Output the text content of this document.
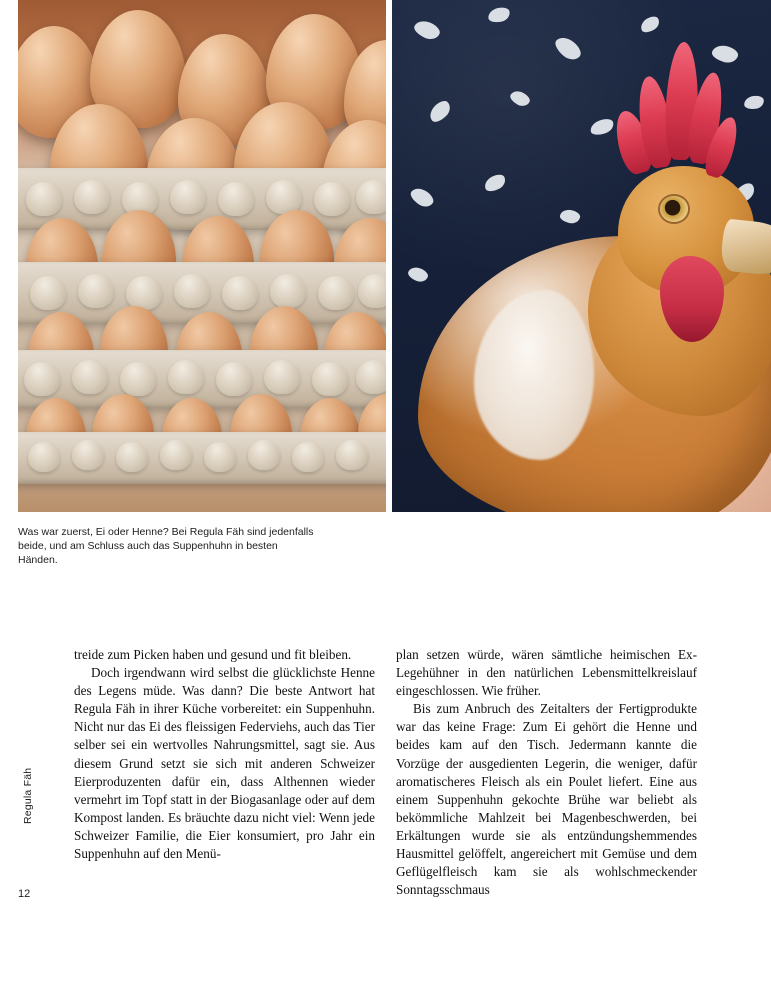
Was war zuerst, Ei oder Henne? Bei Regula Fäh sind jedenfalls beide, und am Schluss auch das Suppenhuhn in besten Händen.

treide zum Picken haben und gesund und fit bleiben.

Doch irgendwann wird selbst die glücklichste Henne des Legens müde. Was dann? Die beste Antwort hat Regula Fäh in ihrer Küche vorbereitet: ein Suppenhuhn. Nicht nur das Ei des fleissigen Federviehs, auch das Tier selber sei ein wertvolles Nahrungsmittel, sagt sie. Aus diesem Grund setzt sie sich mit anderen Schweizer Eierproduzenten dafür ein, dass Althennen wieder vermehrt im Topf statt in der Biogasanlage oder auf dem Kompost landen. Es bräuchte dazu nicht viel: Wenn jede Schweizer Familie, die Eier konsumiert, pro Jahr ein Suppenhuhn auf den Menü-

plan setzen würde, wären sämtliche heimischen Ex-Legehühner in den natürlichen Lebensmittelkreislauf eingeschlossen. Wie früher.

Bis zum Anbruch des Zeitalters der Fertigprodukte war das keine Frage: Zum Ei gehört die Henne und beides kam auf den Tisch. Jedermann kannte die Vorzüge der ausgedienten Legerin, die weniger, dafür aromatischeres Fleisch als ein Poulet liefert. Eine aus einem Suppenhuhn gekochte Brühe war beliebt als bekömmliche Mahlzeit bei Magenbeschwerden, bei Erkältungen wurde sie als entzündungshemmendes Hausmittel gelöffelt, angereichert mit Gemüse und dem Geflügelfleisch kam sie als wohlschmeckender Sonntagsschmaus

Regula Fäh
12
